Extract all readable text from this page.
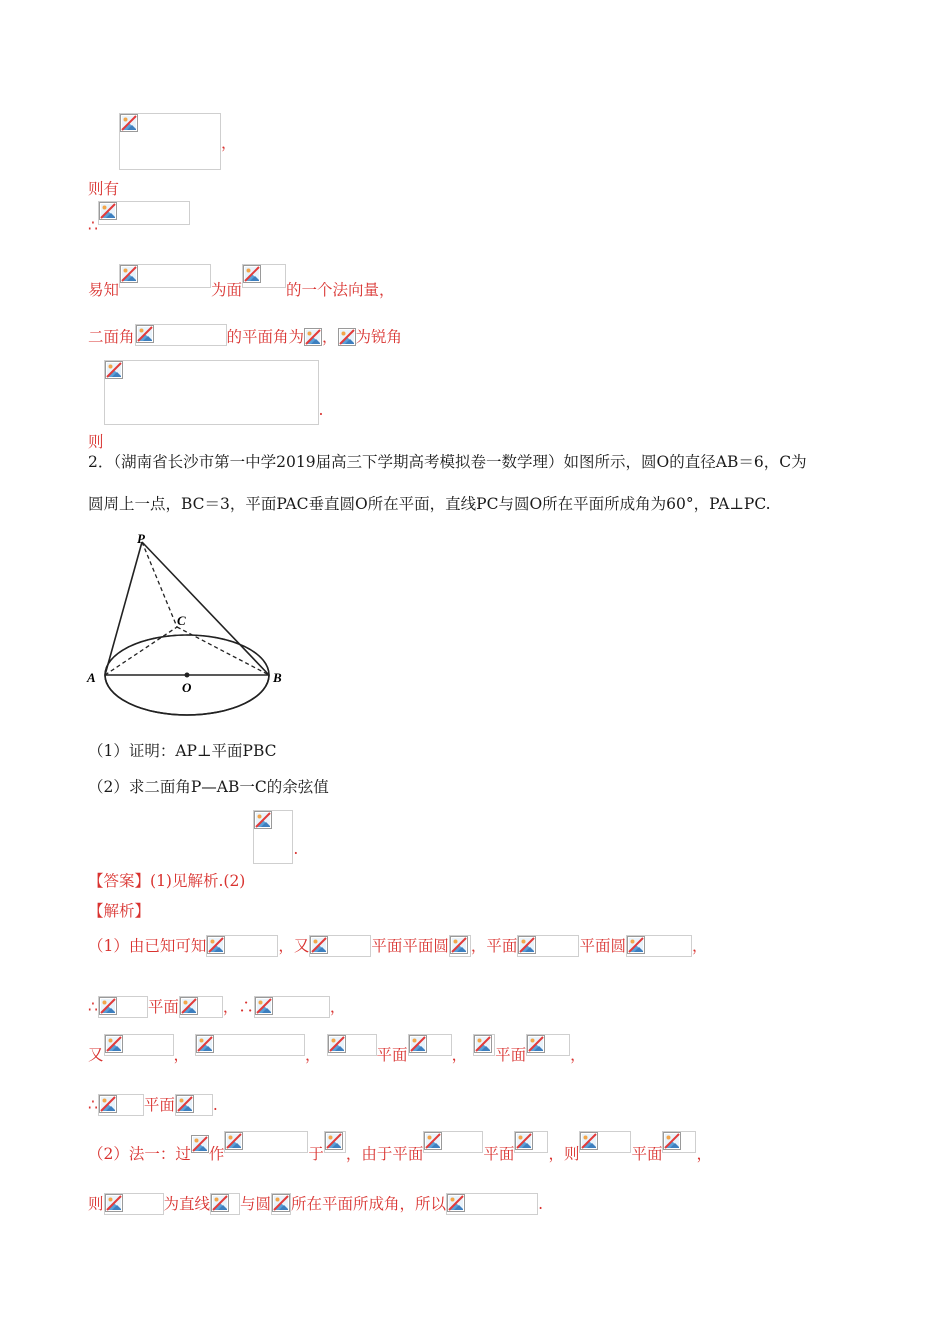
则有
，
∴
易知	为面	的一个法向量，
二面角	的平面角为 ， 为锐角
则
.
2．（湖南省长沙市第一中学2019届高三下学期高考模拟卷一数学理）如图所示，圆O的直径AB＝6，C为
圆周上一点，BC＝3，平面PAC垂直圆O所在平面，直线PC与圆O所在平面所成角为60°，PA⊥PC.
P
C
A
O
B
（1）证明：AP⊥平面PBC
（2）求二面角P—AB一C的余弦值
【答案】(1)见解析.(2)
.
【解析】
（1）由已知可知	，又	平面平面圆 ，平面	平面圆	，
∴	平面	，∴	，
又	，	，	平面	， 平面	，
∴	平面 .
（2）法一：过 作	于 ，由于平面	平面 ，则	平面 ，
则	为直线 与圆 所在平面所成角，所以	.
